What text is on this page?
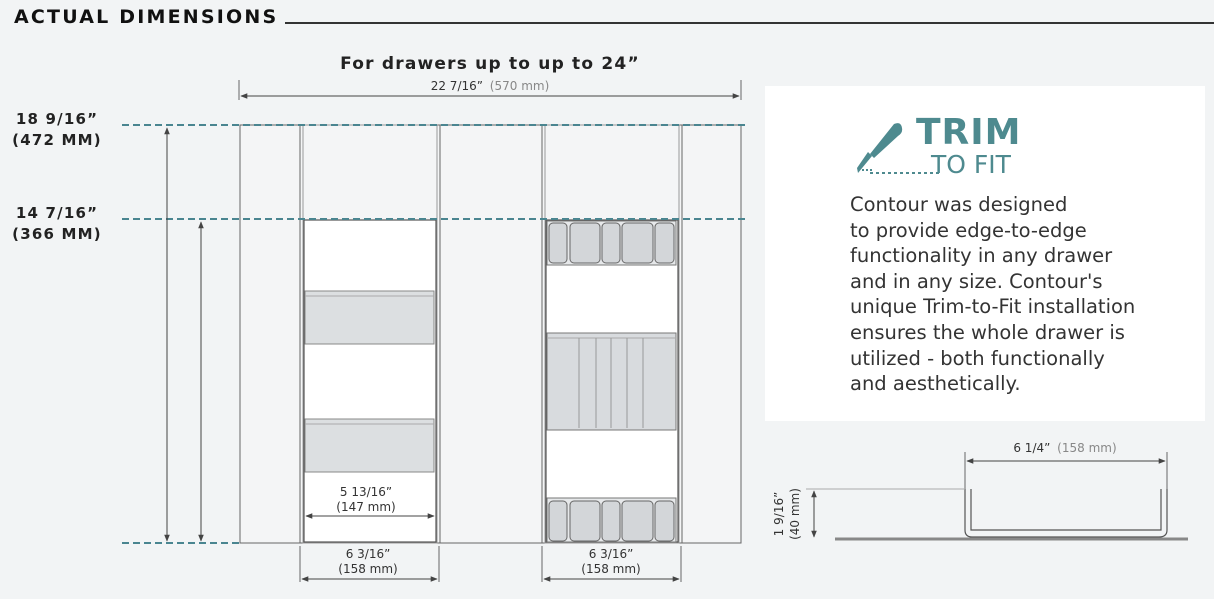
ACTUAL DIMENSIONS
For drawers up to up to 24”
22 7/16” (570 mm)
18 9/16”
(472 MM)
14 7/16”
(366 MM)
5 13/16”
(147 mm)
6 3/16”
(158 mm)
6 3/16”
(158 mm)
6 1/4” (158 mm)
1 9/16” (40 mm)
TRIM
TO FIT

Contour was designed
to provide edge-to-edge
functionality in any drawer
and in any size. Contour's
unique Trim-to-Fit installation
ensures the whole drawer is
utilized - both functionally
and aesthetically.
